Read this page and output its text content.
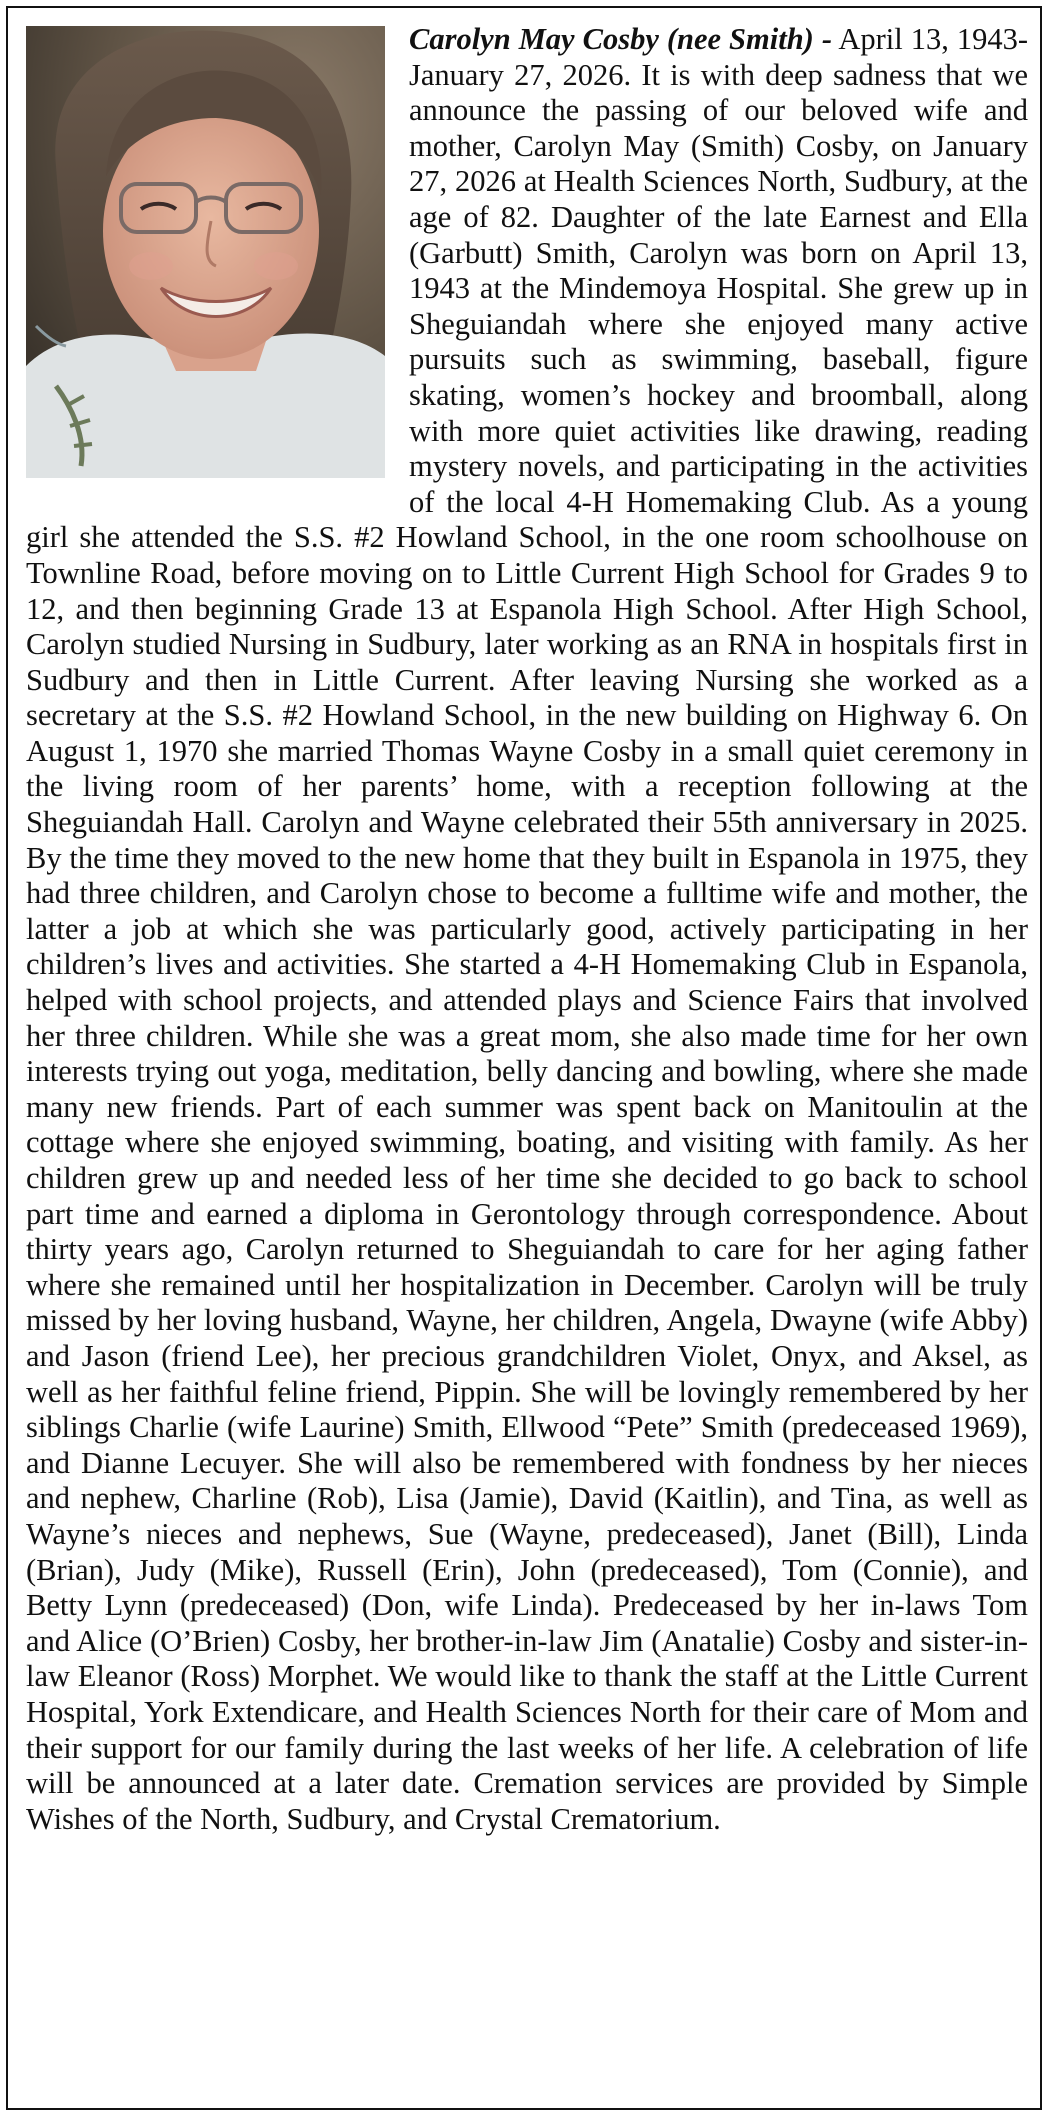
Carolyn May Cosby (nee Smith) - April 13, 1943-January 27, 2026. It is with deep sadness that we announce the passing of our beloved wife and mother, Carolyn May (Smith) Cosby, on January 27, 2026 at Health Sciences North, Sudbury, at the age of 82. Daughter of the late Earnest and Ella (Garbutt) Smith, Carolyn was born on April 13, 1943 at the Mindemoya Hospital. She grew up in Sheguiandah where she enjoyed many active pursuits such as swimming, baseball, figure skating, women’s hockey and broomball, along with more quiet activities like drawing, reading mystery novels, and participating in the activities of the local 4-H Homemaking Club. As a young girl she attended the S.S. #2 Howland School, in the one room schoolhouse on Townline Road, before moving on to Little Current High School for Grades 9 to 12, and then beginning Grade 13 at Espanola High School. After High School, Carolyn studied Nursing in Sudbury, later working as an RNA in hospitals first in Sudbury and then in Little Current. After leaving Nursing she worked as a secretary at the S.S. #2 Howland School, in the new building on Highway 6. On August 1, 1970 she married Thomas Wayne Cosby in a small quiet ceremony in the living room of her parents’ home, with a reception following at the Sheguiandah Hall. Carolyn and Wayne celebrated their 55th anniversary in 2025. By the time they moved to the new home that they built in Espanola in 1975, they had three children, and Carolyn chose to become a fulltime wife and mother, the latter a job at which she was particularly good, actively participating in her children’s lives and activities. She started a 4-H Homemaking Club in Espanola, helped with school projects, and attended plays and Science Fairs that involved her three children. While she was a great mom, she also made time for her own interests trying out yoga, meditation, belly dancing and bowling, where she made many new friends. Part of each summer was spent back on Manitoulin at the cottage where she enjoyed swimming, boating, and visiting with family. As her children grew up and needed less of her time she decided to go back to school part time and earned a diploma in Gerontology through correspondence. About thirty years ago, Carolyn returned to Sheguiandah to care for her aging father where she remained until her hospitalization in December. Carolyn will be truly missed by her loving husband, Wayne, her children, Angela, Dwayne (wife Abby) and Jason (friend Lee), her precious grandchildren Violet, Onyx, and Aksel, as well as her faithful feline friend, Pippin. She will be lovingly remembered by her siblings Charlie (wife Laurine) Smith, Ellwood “Pete” Smith (predeceased 1969), and Dianne Lecuyer. She will also be remembered with fondness by her nieces and nephew, Charline (Rob), Lisa (Jamie), David (Kaitlin), and Tina, as well as Wayne’s nieces and nephews, Sue (Wayne, predeceased), Janet (Bill), Linda (Brian), Judy (Mike), Russell (Erin), John (predeceased), Tom (Connie), and Betty Lynn (predeceased) (Don, wife Linda). Predeceased by her in-laws Tom and Alice (O’Brien) Cosby, her brother-in-law Jim (Anatalie) Cosby and sister-in-law Eleanor (Ross) Morphet. We would like to thank the staff at the Little Current Hospital, York Extendicare, and Health Sciences North for their care of Mom and their support for our family during the last weeks of her life. A celebration of life will be announced at a later date. Cremation services are provided by Simple Wishes of the North, Sudbury, and Crystal Crematorium.
